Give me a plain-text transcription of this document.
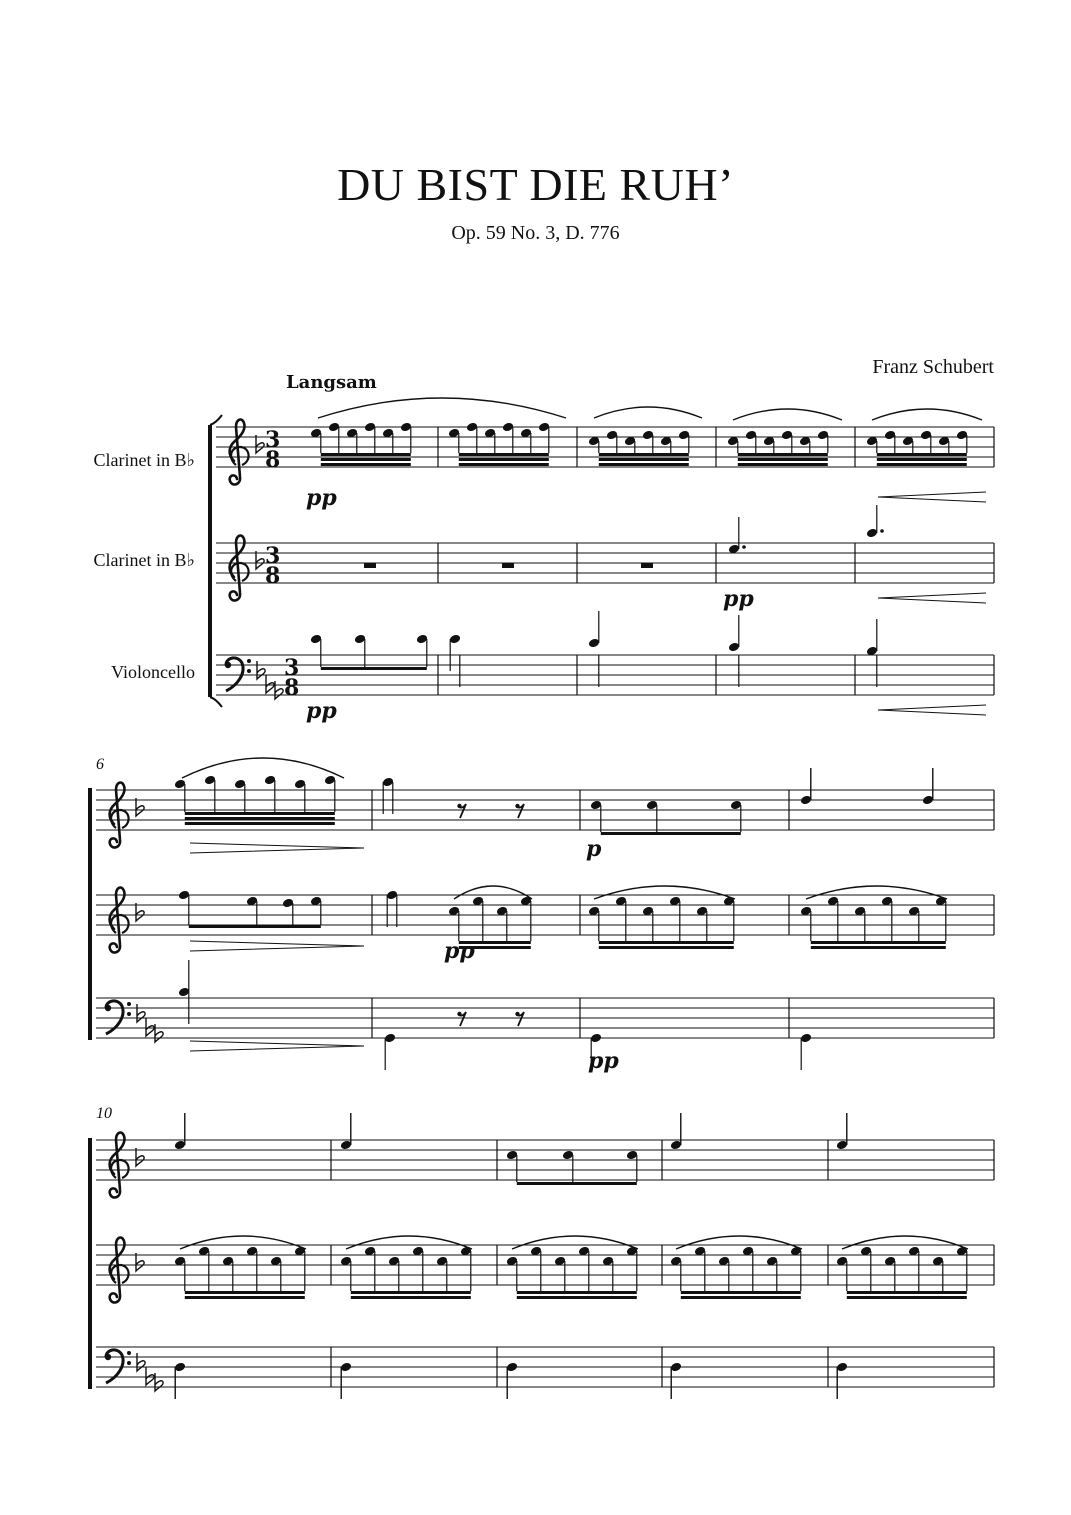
DU BIST DIE RUH’
Op. 59 No. 3, D. 776
Franz Schubert
Langsam
Clarinet in B♭
Clarinet in B♭
Violoncello
6
10
3
8
3
8
3
8
pp
pp
pp
p
pp
pp
